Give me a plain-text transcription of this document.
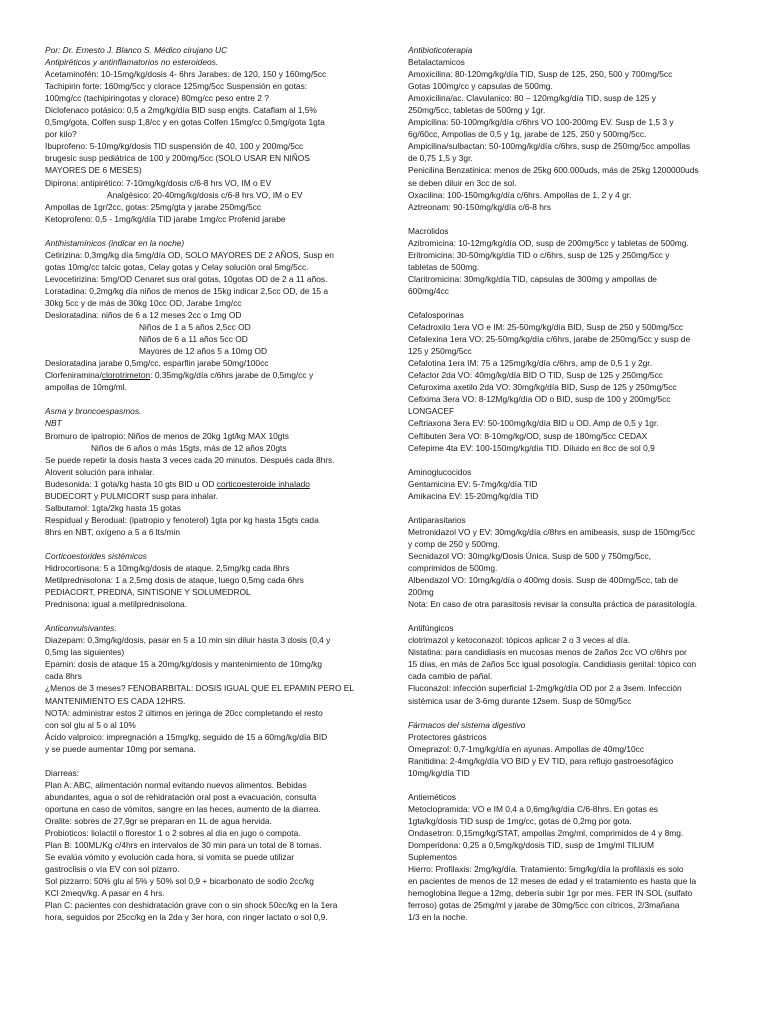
Por: Dr. Ernesto J. Blanco S. Médico cirujano UC
Antipiréticos y antinflamatorios no esteroideos.
Acetaminofén: 10-15mg/kg/dosis 4- 6hrs Jarabes: de 120, 150 y 160mg/5cc
Tachipirin forte: 160mg/5cc y clorace 125mg/5cc Suspensión en gotas:
100mg/cc (tachipiringotas y clorace) 80mg/cc peso entre 2 ?
Diclofenaco potásico: 0,5 a 2mg/kg/día BID susp engts. Cataflam al 1,5%
0,5mg/gota, Colfen susp 1,8/cc y en gotas Colfen 15mg/cc 0,5mg/gota 1gta
por kilo?
Ibuprofeno: 5-10mg/kg/dosis TID suspensión de 40, 100 y 200mg/5cc
brugesic susp pediátrica de 100 y 200mg/5cc (SOLO USAR EN NIÑOS
MAYORES DE 6 MESES)
Dipirona: antipirético: 7-10mg/kg/dosis c/6-8 hrs VO, IM o EV
Analgésico: 20-40mg/kg/dosis c/6-8 hrs VO, IM o EV
Ampollas de 1gr/2cc, gotas: 25mg/gta y jarabe 250mg/5cc
Ketoprofeno: 0,5 - 1mg/kg/día TID jarabe 1mg/cc Profenid jarabe
Antihistamínicos (indicar en la noche)
Cetirizina: 0,3mg/kg día 5mg/día OD, SOLO MAYORES DE 2 AÑOS, Susp en
gotas 10mg/cc talcic gotas, Celay gotas y Celay solución oral 5mg/5cc.
Levocetirizina: 5mg/OD Cenaret sus oral gotas, 10gotas OD de 2 a 11 años.
Loratadina: 0,2mg/kg día niños de menos de 15kg indicar 2,5cc OD, de 15 a
30kg 5cc y de más de 30kg 10cc OD, Jarabe 1mg/cc
Desloratadina: niños de 6 a 12 meses 2cc o 1mg OD
Niños de 1 a 5 años 2,5cc OD
Niños de 6 a 11 años 5cc OD
Mayores de 12 años 5 a 10mg OD
Desloratadina jarabe 0,5mg/cc, esparflin jarabe 50mg/100cc
Clorfeniramina/clorotrimeton: 0,35mg/kg/día c/6hrs jarabe de 0,5mg/cc y
ampollas de 10mg/ml.
Asma y broncoespasmos.
NBT
Bromuro de ipatropio: Niños de menos de 20kg 1gt/kg MAX 10gts
Niños de 6 años o más 15gts, más de 12 años 20gts
Se puede repetir la dosis hasta 3 veces cada 20 minutos. Después cada 8hrs.
Alovent solución para inhalar.
Budesonida: 1 gota/kg hasta 10 gts BID u OD corticoesteroide inhalado
BUDECORT y PULMICORT susp para inhalar.
Salbutamol: 1gta/2kg hasta 15 gotas
Respidual y Berodual: (ipatropio y fenoterol) 1gta por kg hasta 15gts cada
8hrs en NBT, oxígeno a 5 a 6 lts/min
Corticoestorides sistémicos
Hidrocortisona: 5 a 10mg/kg/dosis de ataque. 2,5mg/kg cada 8hrs
Metilprednisolona: 1 a 2,5mg dosis de ataque, luego 0,5mg cada 6hrs
PEDIACORT, PREDNA, SINTISONE Y SOLUMEDROL
Prednisona: igual a metilprednisolona.
Anticonvulsivantes.
Diazepam: 0,3mg/kg/dosis, pasar en 5 a 10 min sin diluir hasta 3 dosis (0,4 y
0,5mg las siguientes)
Epamin: dosis de ataque 15 a 20mg/kg/dosis y mantenimiento de 10mg/kg
cada 8hrs
¿Menos de 3 meses? FENOBARBITAL: DOSIS IGUAL QUE EL EPAMIN PERO EL
MANTENIMIENTO ES CADA 12HRS.
NOTA: administrar estos 2 últimos en jeringa de 20cc completando el resto
con sol glu al 5 o al 10%
Ácido valproico: impregnación a 15mg/kg, seguido de 15 a 60mg/kg/día BID
y se puede aumentar 10mg por semana.
Diarreas:
Plan A: ABC, alimentación normal evitando nuevos alimentos. Bebidas
abundantes, agua o sol de rehidratación oral post a evacuación, consulta
oportuna en caso de vómitos, sangre en las heces, aumento de la diarrea.
Oralite: sobres de 27,9gr se preparan en 1L de agua hervida.
Probioticos: liolactil o florestor 1 o 2 sobres al día en jugo o compota.
Plan B: 100ML/Kg c/4hrs en intervalos de 30 min para un total de 8 tomas.
Se evalúa vómito y evolución cada hora, si vomita se puede utilizar
gastroclisis o vía EV con sol pizarro.
Sol pizzarro: 50% glu al 5% y 50% sol 0,9 + bicarbonato de sodio 2cc/kg
KCl 2meqv/kg. A pasar en 4 hrs.
Plan C: pacientes con deshidratación grave con o sin shock 50cc/kg en la 1era
hora, seguidos por 25cc/kg en la 2da y 3er hora, con ringer lactato o sol 0,9.
Antibioticoterapia
Betalactamicos
Amoxicilina: 80-120mg/kg/día TID, Susp de 125, 250, 500 y 700mg/5cc
Gotas 100mg/cc y capsulas de 500mg.
Amoxicilina/ac. Clavulanico: 80 – 120mg/kg/día TID, susp de 125 y
250mg/5cc, tabletas de 500mg y 1gr.
Ampicilina: 50-100mg/kg/día c/6hrs VO 100-200mg EV. Susp de 1,5 3 y
6g/60cc, Ampollas de 0,5 y 1g, jarabe de 125, 250 y 500mg/5cc.
Ampicilina/sulbactan: 50-100mg/kg/día c/6hrs, susp de 250mg/5cc ampollas
de 0,75 1,5 y 3gr.
Penicilina Benzatinica: menos de 25kg 600.000uds, más de 25kg 1200000uds
se deben diluir en 3cc de sol.
Oxacilina: 100-150mg/kg/día c/6hrs. Ampollas de 1, 2 y 4 gr.
Aztreonam: 90-150mg/kg/día c/6-8 hrs
Macrolidos
Azitromicina: 10-12mg/kg/día OD, susp de 200mg/5cc y tabletas de 500mg.
Eritromicina: 30-50mg/kg/día TID o c/6hrs, susp de 125 y 250mg/5cc y
tabletas de 500mg.
Claritromicina: 30mg/kg/día TID, capsulas de 300mg y ampollas de
600mg/4cc
Cefalosporinas
Cefadroxilo 1era VO e IM: 25-50mg/kg/día BID, Susp de 250 y 500mg/5cc
Cefalexina 1era VO: 25-50mg/kg/día c/6hrs, jarabe de 250mg/5cc y susp de
125 y 250mg/5cc
Cefalotina 1era IM: 75 a 125mg/kg/día c/6hrs, amp de 0,5 1 y 2gr.
Cefaclor 2da VO: 40mg/kg/día BID O TID, Susp de 125 y 250mg/5cc
Cefuroxima axetilo 2da VO: 30mg/kg/día BID, Susp de 125 y 250mg/5cc
Cefixima 3era VO: 8-12Mg/kg/día OD o BID, susp de 100 y 200mg/5cc
LONGACEF
Ceftriaxona 3era EV: 50-100mg/kg/día BID u OD. Amp de 0,5 y 1gr.
Ceftibuten 3era VO: 8-10mg/kg/OD, susp de 180mg/5cc CEDAX
Cefepime 4ta EV: 100-150mg/kg/día TID. Diluido en 8cc de sol 0,9
Aminoglucocidos
Gentamicina EV: 5-7mg/kg/día TID
Amikacina EV: 15-20mg/kg/día TID
Antiparasitarios
Metronidazol VO y EV: 30mg/kg/día c/8hrs en amibeasis, susp de 150mg/5cc
y comp de 250 y 500mg.
Secnidazol VO: 30mg/kg/Dosis Única. Susp de 500 y 750mg/5cc,
comprimidos de 500mg.
Albendazol VO: 10mg/kg/día o 400mg dosis. Susp de 400mg/5cc, tab de
200mg
Nota: En caso de otra parasitosis revisar la consulta práctica de parasitología.
Antifúngicos
clotrimazol y ketoconazol: tópicos aplicar 2 o 3 veces al día.
Nistatina: para candidiasis en mucosas menos de 2años 2cc VO c/6hrs por
15 días, en más de 2años 5cc igual posología. Candidiasis genital: tópico con
cada cambio de pañal.
Fluconazol: infección superficial 1-2mg/kg/día OD por 2 a 3sem. Infección
sistémica usar de 3-6mg durante 12sem. Susp de 50mg/5cc
Fármacos del sistema digestivo
Protectores gástricos
Omeprazol: 0,7-1mg/kg/día en ayunas. Ampollas de 40mg/10cc
Ranitidina: 2-4mg/kg/día VO BID y EV TID, para reflujo gastroesofágico
10mg/kg/día TID
Antieméticos
Metoclopramida: VO e IM 0,4 a 0,6mg/kg/día C/6-8hrs. En gotas es
1gta/kg/dosis TID susp de 1mg/cc, gotas de 0,2mg por gota.
Ondasetron: 0,15mg/kg/STAT, ampollas 2mg/ml, comprimidos de 4 y 8mg.
Domperidona: 0,25 a 0,5mg/kg/dosis TID, susp de 1mg/ml TILIUM
Suplementos
Hierro: Profilaxis: 2mg/kg/día. Tratamiento: 5mg/kg/día la profilaxis es solo
en pacientes de menos de 12 meses de edad y el tratamiento es hasta que la
hemoglobina llegue a 12mg, debería subir 1gr por mes. FER IN SOL (sulfato
ferroso) gotas de 25mg/ml y jarabe de 30mg/5cc con cítricos, 2/3mañana
1/3 en la noche.
